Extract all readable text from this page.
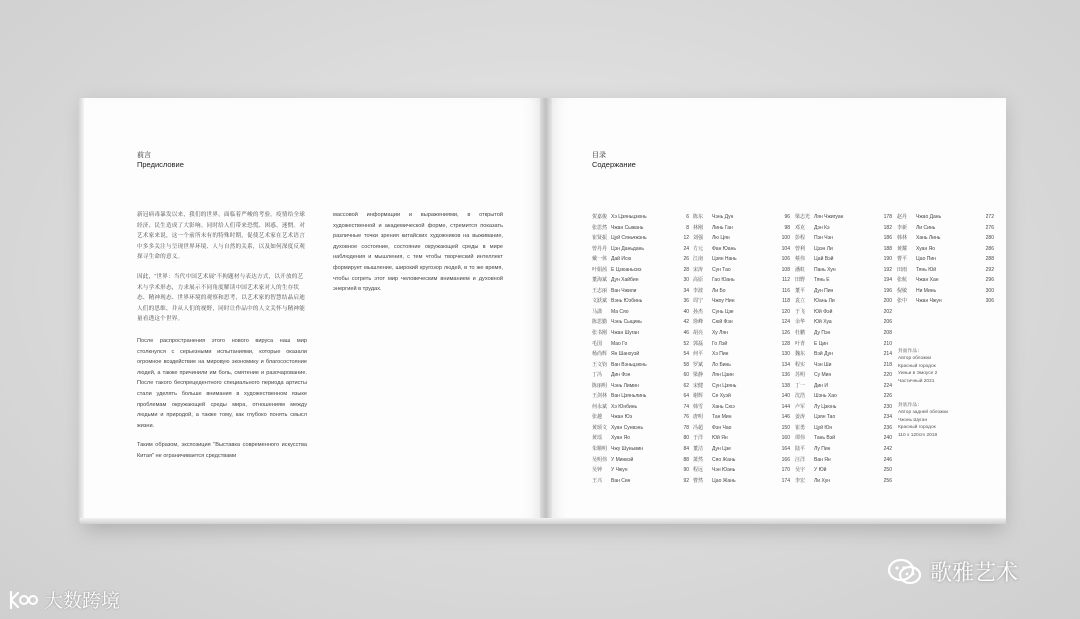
前言
Предисловие

新冠病毒暴发以来，我们的世界，面临着严峻的考验。疫情给全球经济、民生造成了大影响。同时给人们带来恐慌、困惑、迷惘。对艺术家来说，这一个前所未有的特殊时期，促使艺术家在艺术语言中多多关注与呈现世界环境、人与自然的关系，以及如何深度反观探寻生命的意义。

因此，“世界：当代中国艺术展”不拘题材与表达方式，以开放的艺术与学术形态，力求展示不同角度解读中国艺术家对人的生存状态、精神现态、世界环境的观察和思考，以艺术家的智慧结晶启迪人们的思维，并从人们的视野，同时让作品中的人文关怀与精神能量看透这个世界。

После распространения этого нового вируса наш мир столкнулся с серьезными испытаниями, которые оказали огромное воздействие на мировую экономику и благосостояние людей, а также причинили им боль, смятение и разочарование. После такого беспрецедентного специального периода артисты стали уделять больше внимания в художественном языке проблемам окружающей среды мира, отношениям между людьми и природой, а также тому, как глубоко понять смысл жизни.

Таким образом, экспозиция "Выставка современного искусства Китая" не ограничивается средствами

массовой информации и выражениями, в открытой художественной и академической форме, стремится показать различные точки зрения китайских художников на выживание, духовное состояние, состояние окружающей среды в мире наблюдения и мышления, с тем чтобы творческий интеллект формирует мышление, широкий кругозор людей, в то же время, чтобы согреть этот мир человеческим вниманием и духовной энергией в трудах.
目录
Содержание
贺嘉俊 Хэ Цзяньцзюнь	6
张思然 Чжан Сыжань	8
崔贤振 Цуй Сяньчжэнь	12
曾丹丹 Цэн Даньдань	24
戴一休 Дай Исю	26
叶娟茜 Е Цзюаньсиэ	28
董海斌 Дун Хайбин	30
王志丽 Ван Чжили	34
文跃斌 Вэнь Юэбинь	36
马潇	Ма Сяо	40
陈思勤 Чэнь Сыцинь	42
张书刚 Чжан Шуган	46
毛国	Мао Го	52
杨尚辉 Ян Шанхуэй	54
王文钧 Ван Вэньцзюнь	58
丁冯	Дин Фэн	60
陈丽明 Чэнь Лимин	62
王剑林 Ван Цзяньлинь	64
何永斌 Хэ Юнбинь	74
张越	Чжан Юэ	76
黄颂文 Хуан Сунвэнь	78
黄瑶	Хуан Яо	80
朱顺明 Чжу Шуньмин	84
吴明伟 У Минвэй	88
吴钟	У Чжун	90
王兴	Ван Син	92
陈东	Чэнь Дун	96
林刚	Линь Ган	98
刘强	Лю Цян	100
方元	Фан Юань	104
江南	Цзян Нань	106
宋涛	Сун Тао	108
高原	Гао Юань	112
李波	Ли Бо	116
周宁	Чжоу Нин	118
孙杰	Сунь Цзе	120
徐峰	Сюй Фэн	124
胡亮	Ху Лян	126
郭磊	Го Лэй	128
何平	Хэ Пин	130
罗斌	Ло Бинь	134
梁静	Лян Цзин	136
宋健	Сун Цзянь	138
谢辉	Се Хуэй	140
韩雪	Хань Сюэ	144
唐明	Тан Мин	146
冯超	Фэн Чао	150
于洋	Юй Ян	160
董洁	Дун Цзе	164
萧然	Сяо Жань	166
程远	Чэн Юань	170
曹然	Цао Жань	174
梁志光 Лян Чжигуан	178
邓克	Дэн Кэ	182
彭程	Пэн Чэн	186
曾利	Цзэн Ли	188
蔡伟	Цай Вэй	190
潘虹	Пань Хун	192
田野	Тянь Е	194
董平	Дун Пин	196
袁立	Юань Ли	200
于飞	Юй Фэй	202
余华	Юй Хуа	206
杜鹏	Ду Пэн	208
叶青	Е Цин	210
魏东	Вэй Дун	214
程实	Чэн Ши	218
苏明	Су Мин	220
丁一	Дин И	224
沈浩	Шэнь Хао	226
卢军	Лу Цзюнь	230
姜涛	Цзян Тао	234
崔勇	Цуй Юн	236
谭伟	Тань Вэй	240
陆平	Лу Пин	242
汪洋	Ван Ян	246
吴宇	У Юй	250
李宏	Ли Хун	256
赵丹	Чжао Дань	272
李新	Ли Синь	276
韩林	Хань Линь	280
黄耀	Хуан Яо	286
曹平	Цао Пин	288
田雨	Тянь Юй	292
张航	Чжан Хан	296
倪敏	Ни Минь	300
张中	Чжан Чжун	306
封面作品：
Автор обложки
Красный городок
Уиньи в Эмоусе 2
Частичный 2021
封底作品：
Автор задней обложки
Чжэнь Шуган
Красный городок
110 x 120cm 2018
大数跨境
歌雅艺术
